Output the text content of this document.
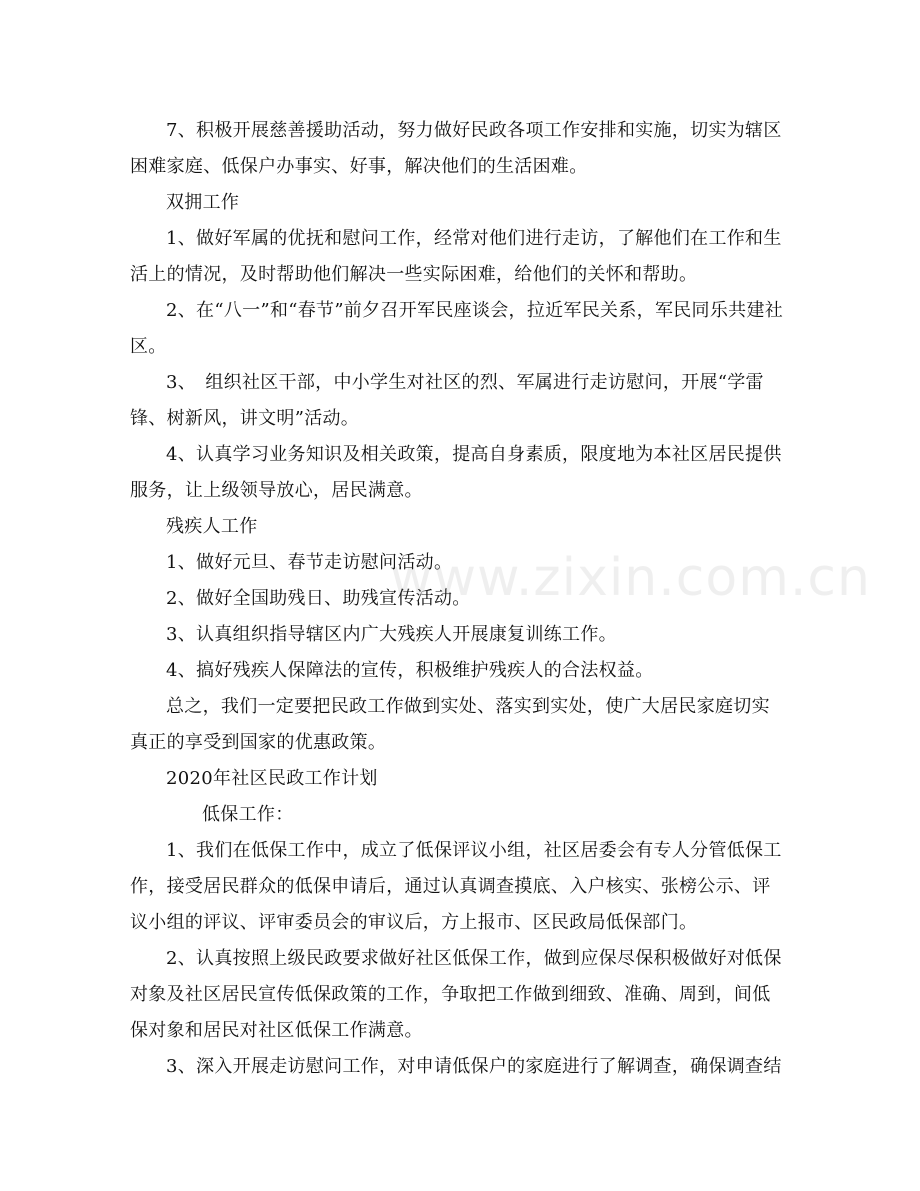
7、积极开展慈善援助活动，努力做好民政各项工作安排和实施，切实为辖区困难家庭、低保户办事实、好事，解决他们的生活困难。

双拥工作

1、做好军属的优抚和慰问工作，经常对他们进行走访，了解他们在工作和生活上的情况，及时帮助他们解决一些实际困难，给他们的关怀和帮助。

2、在“八一”和“春节”前夕召开军民座谈会，拉近军民关系，军民同乐共建社区。

3、　组织社区干部，中小学生对社区的烈、军属进行走访慰问，开展“学雷锋、树新风，讲文明”活动。

4、认真学习业务知识及相关政策，提高自身素质，限度地为本社区居民提供服务，让上级领导放心，居民满意。

残疾人工作

1、做好元旦、春节走访慰问活动。

2、做好全国助残日、助残宣传活动。

3、认真组织指导辖区内广大残疾人开展康复训练工作。

4、搞好残疾人保障法的宣传，积极维护残疾人的合法权益。

总之，我们一定要把民政工作做到实处、落实到实处，使广大居民家庭切实真正的享受到国家的优惠政策。

2020年社区民政工作计划

低保工作：

1、我们在低保工作中，成立了低保评议小组，社区居委会有专人分管低保工作，接受居民群众的低保申请后，通过认真调查摸底、入户核实、张榜公示、评议小组的评议、评审委员会的审议后，方上报市、区民政局低保部门。

2、认真按照上级民政要求做好社区低保工作，做到应保尽保积极做好对低保对象及社区居民宣传低保政策的工作，争取把工作做到细致、准确、周到，间低保对象和居民对社区低保工作满意。

3、深入开展走访慰问工作，对申请低保户的家庭进行了解调查，确保调查结

www.zixin.com.cn
